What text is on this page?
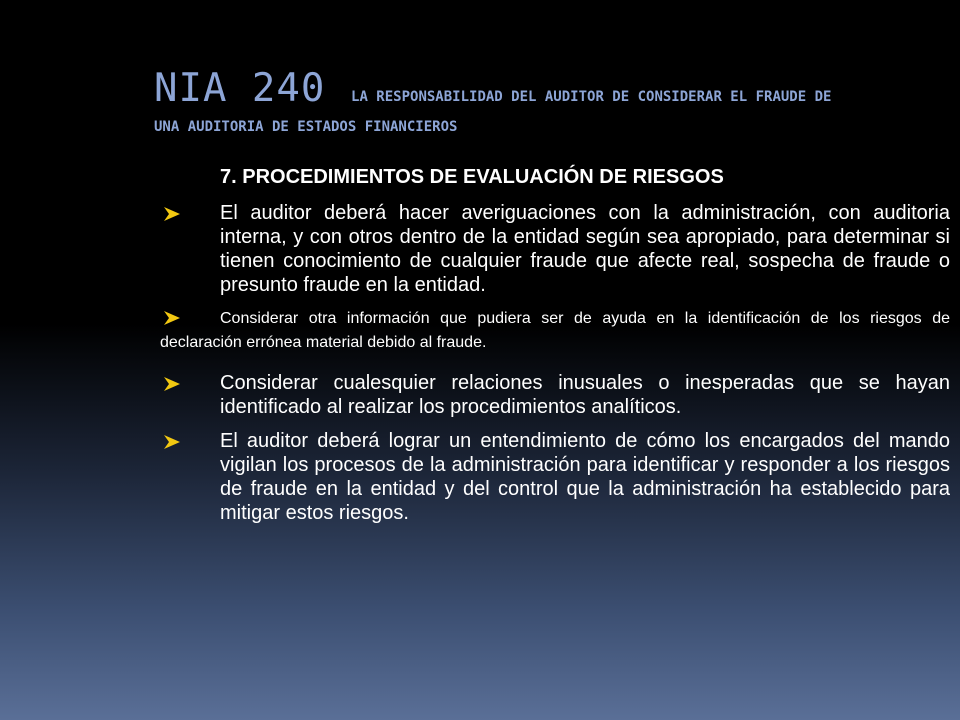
NIA 240 LA RESPONSABILIDAD DEL AUDITOR DE CONSIDERAR EL FRAUDE DE
UNA AUDITORIA DE ESTADOS FINANCIEROS
7. PROCEDIMIENTOS DE EVALUACIÓN DE RIESGOS
El auditor deberá hacer averiguaciones con la administración, con auditoria interna, y con otros dentro de la entidad según sea apropiado, para determinar si tienen conocimiento de cualquier fraude que afecte real, sospecha de fraude o presunto fraude en la entidad.
Considerar otra información que pudiera ser de ayuda en la identificación de los riesgos de declaración errónea material debido al fraude.
Considerar cualesquier relaciones inusuales o inesperadas que se hayan identificado al realizar los procedimientos analíticos.
El auditor deberá lograr un entendimiento de cómo los encargados del mando vigilan los procesos de la administración para identificar y responder a los riesgos de fraude en la entidad y del control que la administración ha establecido para mitigar estos riesgos.
